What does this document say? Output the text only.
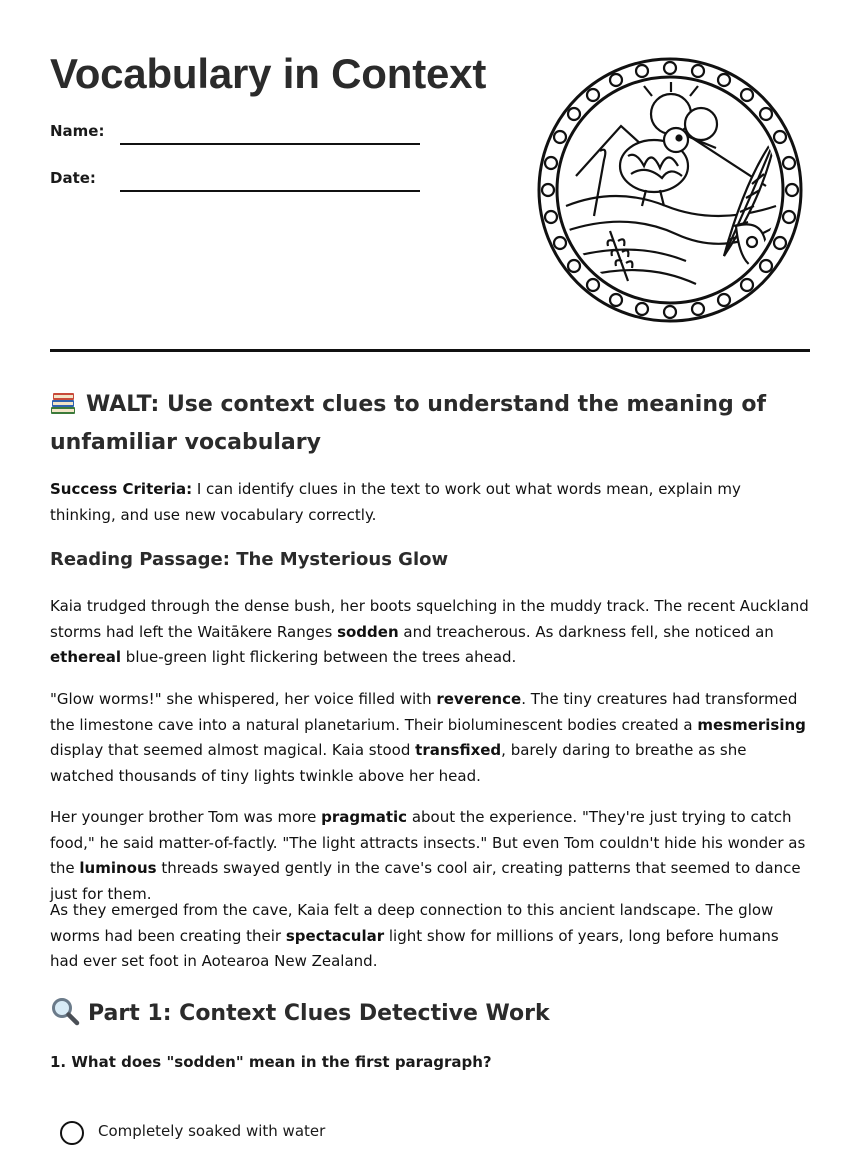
Vocabulary in Context
Name:
Date:
WALT: Use context clues to understand the meaning of unfamiliar vocabulary

Success Criteria: I can identify clues in the text to work out what words mean, explain my thinking, and use new vocabulary correctly.

Reading Passage: The Mysterious Glow

Kaia trudged through the dense bush, her boots squelching in the muddy track. The recent Auckland storms had left the Waitākere Ranges sodden and treacherous. As darkness fell, she noticed an ethereal blue-green light flickering between the trees ahead.

"Glow worms!" she whispered, her voice filled with reverence. The tiny creatures had transformed the limestone cave into a natural planetarium. Their bioluminescent bodies created a mesmerising display that seemed almost magical. Kaia stood transfixed, barely daring to breathe as she watched thousands of tiny lights twinkle above her head.

Her younger brother Tom was more pragmatic about the experience. "They're just trying to catch food," he said matter-of-factly. "The light attracts insects." But even Tom couldn't hide his wonder as the luminous threads swayed gently in the cave's cool air, creating patterns that seemed to dance just for them.

As they emerged from the cave, Kaia felt a deep connection to this ancient landscape. The glow worms had been creating their spectacular light show for millions of years, long before humans had ever set foot in Aotearoa New Zealand.

Part 1: Context Clues Detective Work

1. What does "sodden" mean in the first paragraph?

Completely soaked with water
